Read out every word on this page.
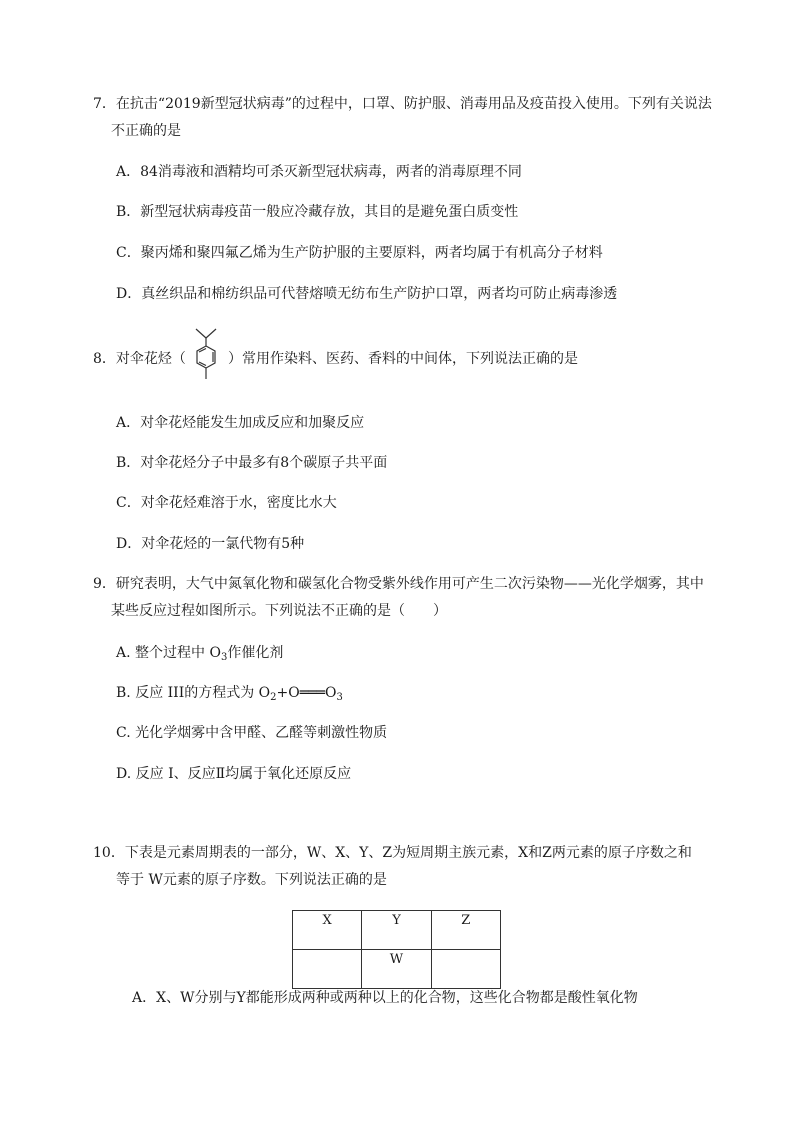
7．在抗击“2019新型冠状病毒”的过程中，口罩、防护服、消毒用品及疫苗投入使用。下列有关说法
不正确的是
A．84消毒液和酒精均可杀灭新型冠状病毒，两者的消毒原理不同
B．新型冠状病毒疫苗一般应冷藏存放，其目的是避免蛋白质变性
C．聚丙烯和聚四氟乙烯为生产防护服的主要原料，两者均属于有机高分子材料
D．真丝织品和棉纺织品可代替熔喷无纺布生产防护口罩，两者均可防止病毒渗透
8．对伞花烃（	）常用作染料、医药、香料的中间体，下列说法正确的是
A．对伞花烃能发生加成反应和加聚反应
B．对伞花烃分子中最多有8个碳原子共平面
C．对伞花烃难溶于水，密度比水大
D．对伞花烃的一氯代物有5种
9．研究表明，大气中氮氧化物和碳氢化合物受紫外线作用可产生二次污染物——光化学烟雾，其中
某些反应过程如图所示。下列说法不正确的是（　　）
A. 整个过程中 $O_3$作催化剂
B. 反应 III的方程式为 $O_2+O═══O_3$
C. 光化学烟雾中含甲醛、乙醛等刺激性物质
D. 反应 I、反应Ⅱ均属于氧化还原反应
10．下表是元素周期表的一部分，W、X、Y、Z为短周期主族元素，X和Z两元素的原子序数之和
等于 W元素的原子序数。下列说法正确的是
X	Y	Z
	W	
A．X、W分别与Y都能形成两种或两种以上的化合物，这些化合物都是酸性氧化物
